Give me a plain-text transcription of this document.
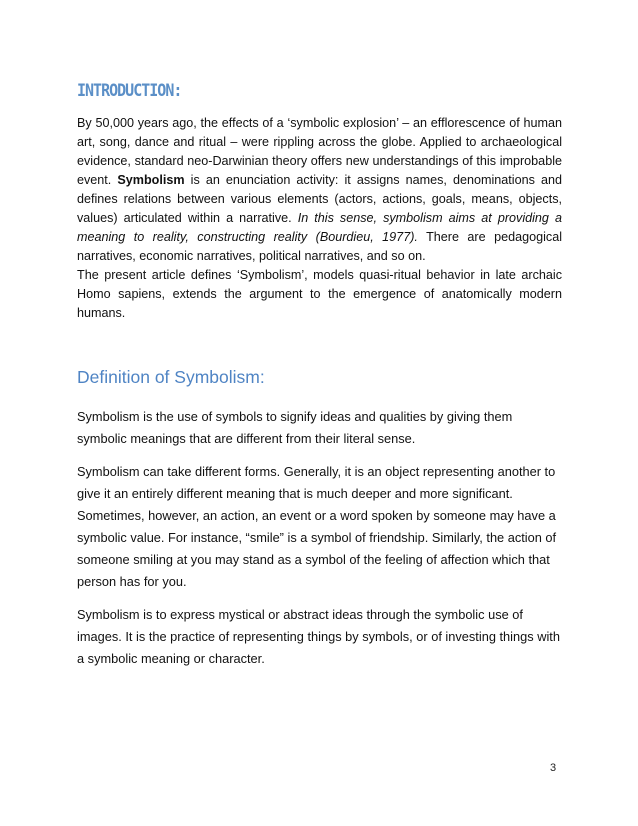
INTRODUCTION:

By 50,000 years ago, the effects of a ‘symbolic explosion’ – an efflorescence of human art, song, dance and ritual – were rippling across the globe. Applied to archaeological evidence, standard neo-Darwinian theory offers new understandings of this improbable event. Symbolism is an enunciation activity: it assigns names, denominations and defines relations between various elements (actors, actions, goals, means, objects, values) articulated within a narrative. In this sense, symbolism aims at providing a meaning to reality, constructing reality (Bourdieu, 1977). There are pedagogical narratives, economic narratives, political narratives, and so on.

The present article defines ‘Symbolism’, models quasi-ritual behavior in late archaic Homo sapiens, extends the argument to the emergence of anatomically modern humans.

Definition of Symbolism:

Symbolism is the use of symbols to signify ideas and qualities by giving them symbolic meanings that are different from their literal sense.

Symbolism can take different forms. Generally, it is an object representing another to give it an entirely different meaning that is much deeper and more significant. Sometimes, however, an action, an event or a word spoken by someone may have a symbolic value. For instance, “smile” is a symbol of friendship. Similarly, the action of someone smiling at you may stand as a symbol of the feeling of affection which that person has for you.

Symbolism is to express mystical or abstract ideas through the symbolic use of images. It is the practice of representing things by symbols, or of investing things with a symbolic meaning or character.

3
